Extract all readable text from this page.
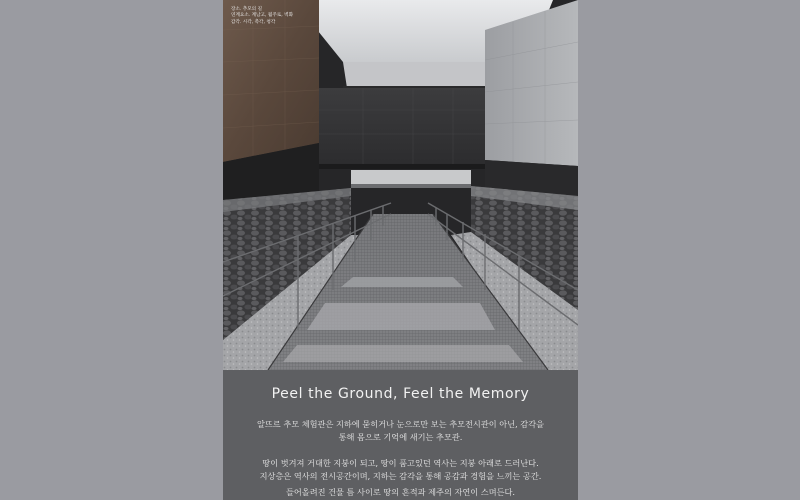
장소. 추모의 길
연계요소. 계남고, 월주로, 벽화
감각. 시각, 촉각, 청각
Peel the Ground, Feel the Memory
알뜨르 추모 체험관은 지하에 묻히거나 눈으로만 보는 추모전시관이 아닌, 감각을
통해 몸으로 기억에 새기는 추모관.
땅이 벗겨져 거대한 지붕이 되고, 땅이 품고있던 역사는 지붕 아래로 드러난다.
지상층은 역사의 전시공간이며, 지하는 감각을 통해 공감과 경험을 느끼는 공간.
들어올려진 건물 틈 사이로 땅의 흔적과 제주의 자연이 스며든다.
